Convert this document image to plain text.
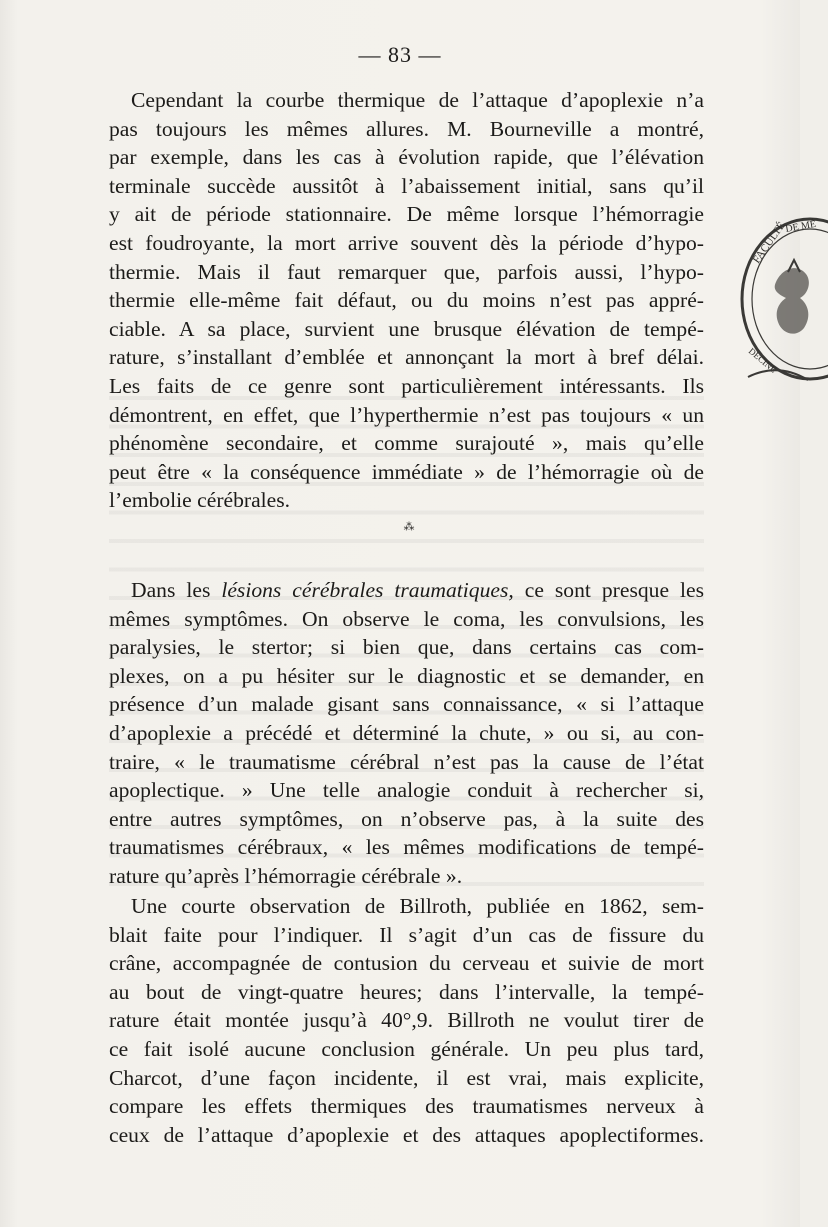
— 83 —
Cependant la courbe thermique de l’attaque d’apoplexie n’a
pas toujours les mêmes allures. M. Bourneville a montré,
par exemple, dans les cas à évolution rapide, que l’élévation
terminale succède aussitôt à l’abaissement initial, sans qu’il
y ait de période stationnaire. De même lorsque l’hémorragie
est foudroyante, la mort arrive souvent dès la période d’hypo-
thermie. Mais il faut remarquer que, parfois aussi, l’hypo-
thermie elle-même fait défaut, ou du moins n’est pas appré-
ciable. A sa place, survient une brusque élévation de tempé-
rature, s’installant d’emblée et annonçant la mort à bref délai.
Les faits de ce genre sont particulièrement intéressants. Ils
démontrent, en effet, que l’hyperthermie n’est pas toujours « un
phénomène secondaire, et comme surajouté », mais qu’elle
peut être « la conséquence immédiate » de l’hémorragie où de
l’embolie cérébrales.
⁂
Dans les lésions cérébrales traumatiques, ce sont presque les
mêmes symptômes. On observe le coma, les convulsions, les
paralysies, le stertor; si bien que, dans certains cas com-
plexes, on a pu hésiter sur le diagnostic et se demander, en
présence d’un malade gisant sans connaissance, « si l’attaque
d’apoplexie a précédé et déterminé la chute, » ou si, au con-
traire, « le traumatisme cérébral n’est pas la cause de l’état
apoplectique. » Une telle analogie conduit à rechercher si,
entre autres symptômes, on n’observe pas, à la suite des
traumatismes cérébraux, « les mêmes modifications de tempé-
rature qu’après l’hémorragie cérébrale ».
Une courte observation de Billroth, publiée en 1862, sem-
blait faite pour l’indiquer. Il s’agit d’un cas de fissure du
crâne, accompagnée de contusion du cerveau et suivie de mort
au bout de vingt-quatre heures; dans l’intervalle, la tempé-
rature était montée jusqu’à 40°,9. Billroth ne voulut tirer de
ce fait isolé aucune conclusion générale. Un peu plus tard,
Charcot, d’une façon incidente, il est vrai, mais explicite,
compare les effets thermiques des traumatismes nerveux à
ceux de l’attaque d’apoplexie et des attaques apoplectiformes.
FACULTÉ
DE MÉ
DECINE
